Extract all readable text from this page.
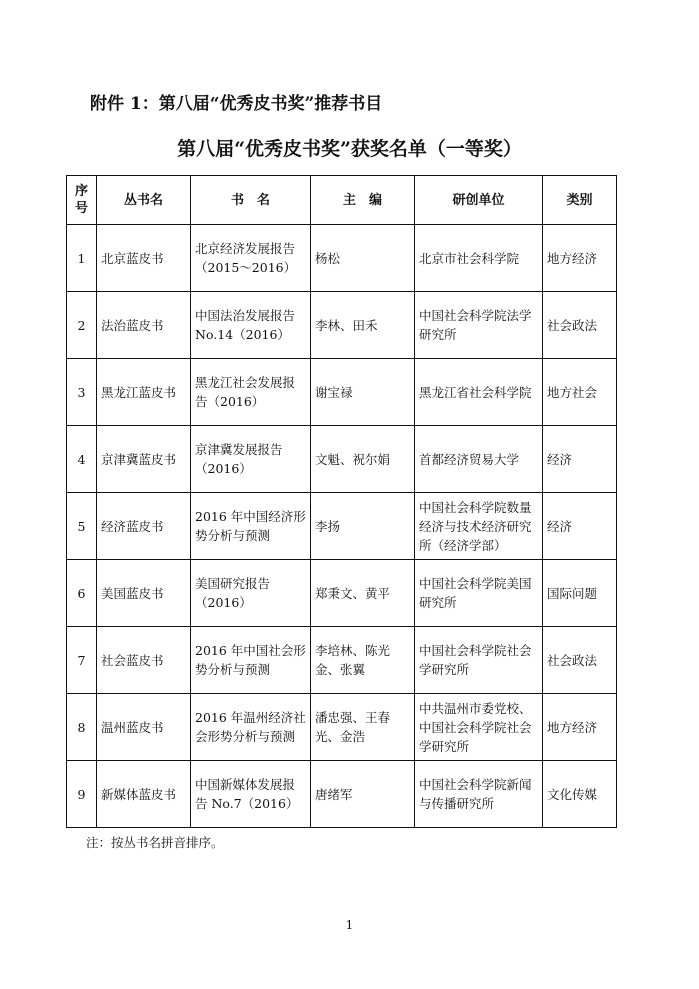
附件 1：第八届“优秀皮书奖”推荐书目
第八届“优秀皮书奖”获奖名单（一等奖）
序号	丛书名	书　名	主　编	研创单位	类别
1	北京蓝皮书	北京经济发展报告（2015～2016）	杨松	北京市社会科学院	地方经济
2	法治蓝皮书	中国法治发展报告No.14（2016）	李林、田禾	中国社会科学院法学研究所	社会政法
3	黑龙江蓝皮书	黑龙江社会发展报告（2016）	谢宝禄	黑龙江省社会科学院	地方社会
4	京津冀蓝皮书	京津冀发展报告（2016）	文魁、祝尔娟	首都经济贸易大学	经济
5	经济蓝皮书	2016 年中国经济形势分析与预测	李扬	中国社会科学院数量经济与技术经济研究所（经济学部）	经济
6	美国蓝皮书	美国研究报告（2016）	郑秉文、黄平	中国社会科学院美国研究所	国际问题
7	社会蓝皮书	2016 年中国社会形势分析与预测	李培林、陈光金、张翼	中国社会科学院社会学研究所	社会政法
8	温州蓝皮书	2016 年温州经济社会形势分析与预测	潘忠强、王春光、金浩	中共温州市委党校、中国社会科学院社会学研究所	地方经济
9	新媒体蓝皮书	中国新媒体发展报告 No.7（2016）	唐绪军	中国社会科学院新闻与传播研究所	文化传媒
注：按丛书名拼音排序。
1
